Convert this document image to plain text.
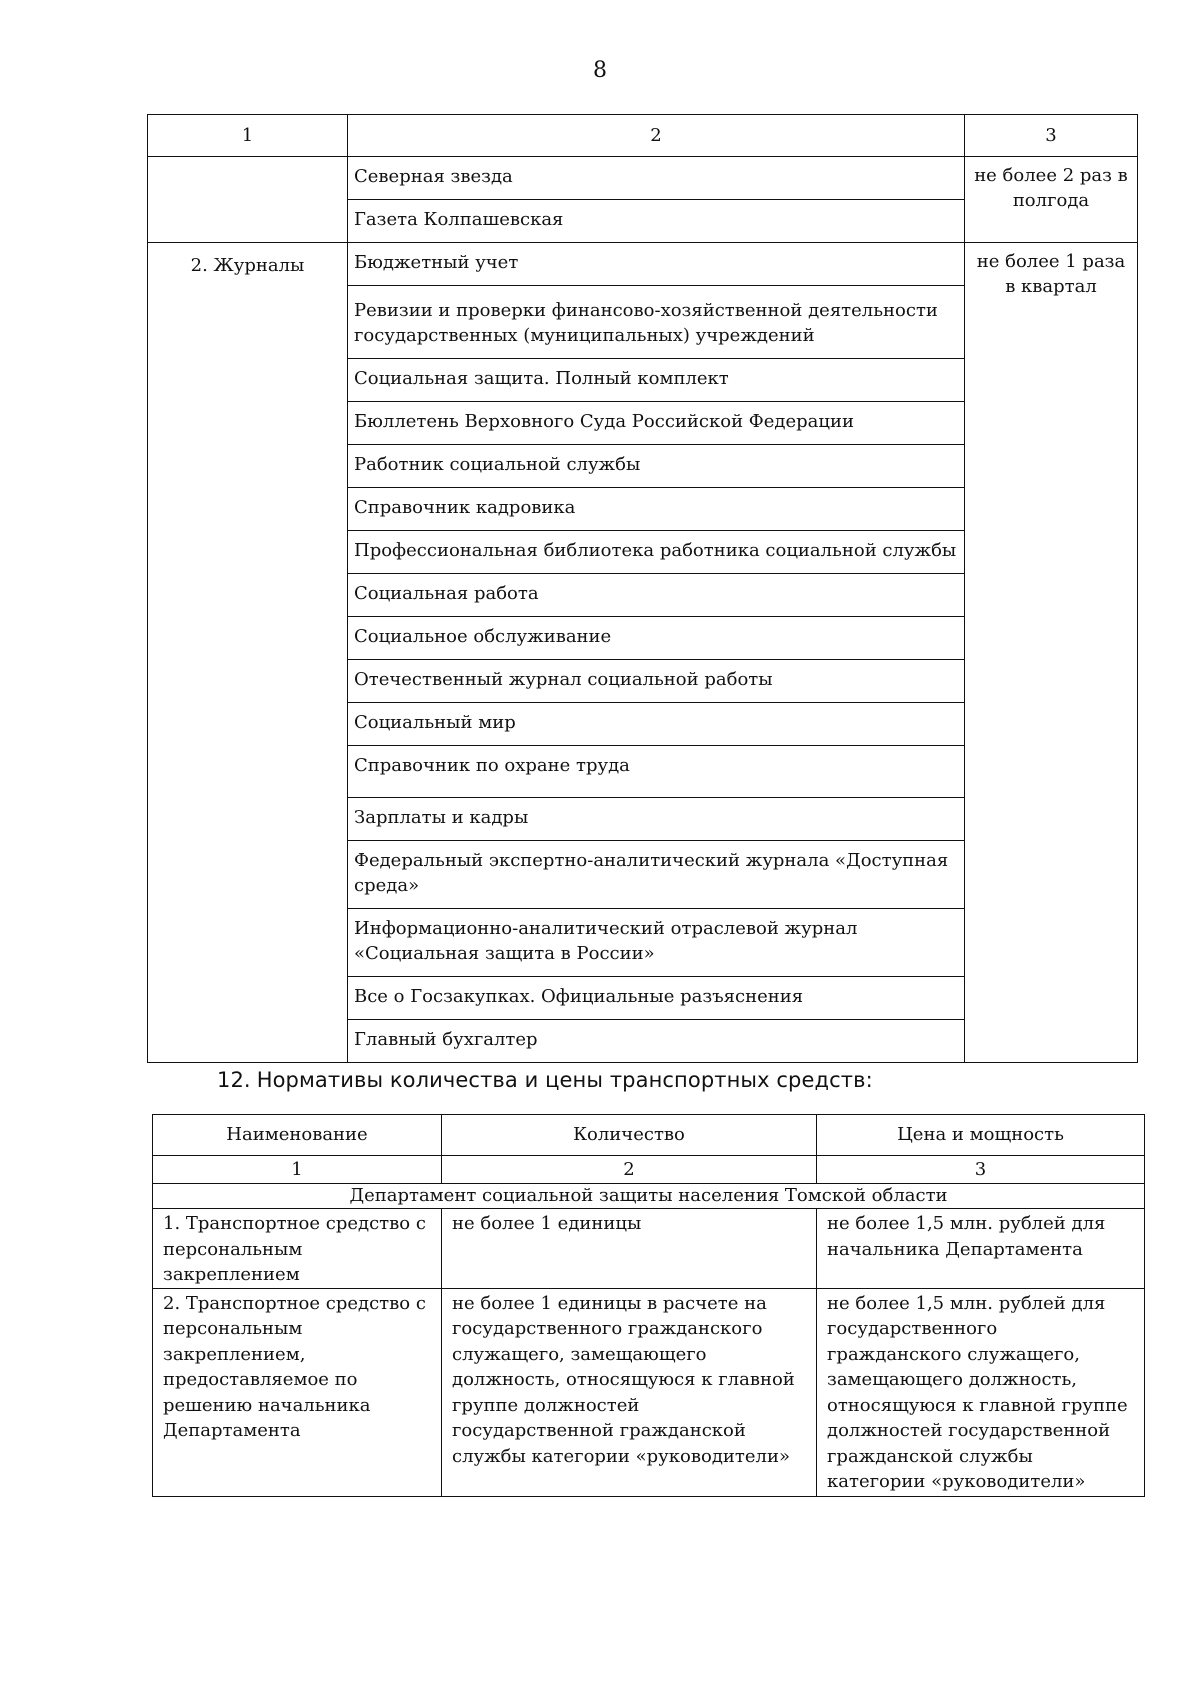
8
1	2	3
	Северная звезда	не более 2 раз в полгода
	Газета Колпашевская	
2. Журналы	Бюджетный учет	не более 1 раза в квартал
	Ревизии и проверки финансово-хозяйственной деятельности государственных (муниципальных) учреждений	
	Социальная защита. Полный комплект	
	Бюллетень Верховного Суда Российской Федерации	
	Работник социальной службы	
	Справочник кадровика	
	Профессиональная библиотека работника социальной службы	
	Социальная работа	
	Социальное обслуживание	
	Отечественный журнал социальной работы	
	Социальный мир	
	Справочник по охране труда	
	Зарплаты и кадры	
	Федеральный экспертно-аналитический журнала «Доступная среда»	
	Информационно-аналитический отраслевой журнал «Социальная защита в России»	
	Все о Госзакупках. Официальные разъяснения	
	Главный бухгалтер	
12. Нормативы количества и цены транспортных средств:
Наименование	Количество	Цена и мощность
1	2	3
Департамент социальной защиты населения Томской области		
1. Транспортное средство с персональным закреплением	не более 1 единицы	не более 1,5 млн. рублей для начальника Департамента
2. Транспортное средство с персональным закреплением, предоставляемое по решению начальника Департамента	не более 1 единицы в расчете на государственного гражданского служащего, замещающего должность, относящуюся к главной группе должностей государственной гражданской службы категории «руководители»	не более 1,5 млн. рублей для государственного гражданского служащего, замещающего должность, относящуюся к главной группе должностей государственной гражданской службы категории «руководители»
